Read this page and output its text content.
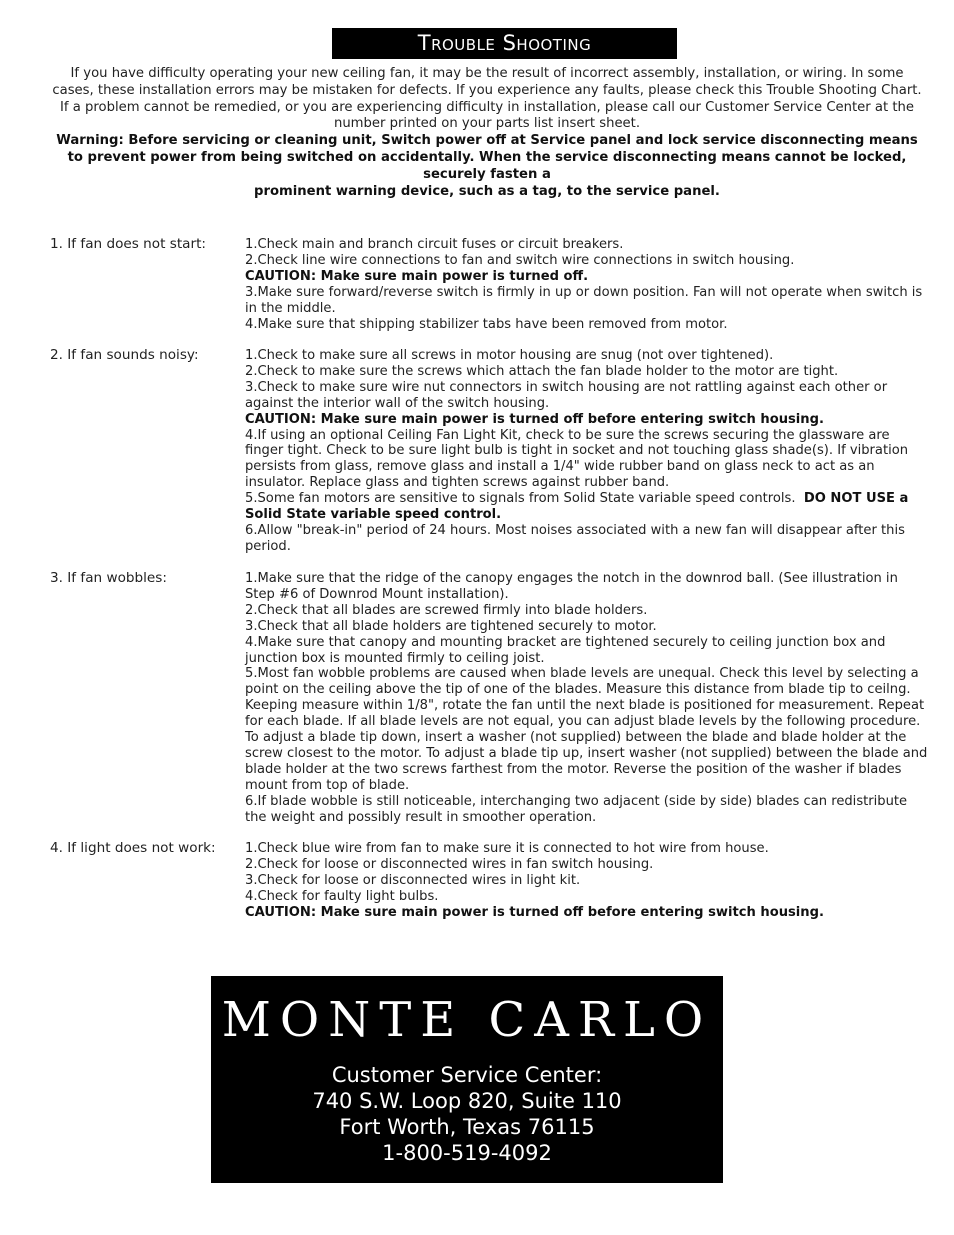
Trouble Shooting
If you have difficulty operating your new ceiling fan, it may be the result of incorrect assembly, installation, or wiring. In some cases, these installation errors may be mistaken for defects. If you experience any faults, please check this Trouble Shooting Chart. If a problem cannot be remedied, or you are experiencing difficulty in installation, please call our Customer Service Center at the
number printed on your parts list insert sheet.
Warning: Before servicing or cleaning unit, Switch power off at Service panel and lock service disconnecting means to prevent power from being switched on accidentally. When the service disconnecting means cannot be locked, securely fasten a
prominent warning device, such as a tag, to the service panel.
1. If fan does not start:	1.Check main and branch circuit fuses or circuit breakers.
2.Check line wire connections to fan and switch wire connections in switch housing.
CAUTION: Make sure main power is turned off.
3.Make sure forward/reverse switch is firmly in up or down position. Fan will not operate when switch is in the middle.
4.Make sure that shipping stabilizer tabs have been removed from motor.
2. If fan sounds noisy:	1.Check to make sure all screws in motor housing are snug (not over tightened).
2.Check to make sure the screws which attach the fan blade holder to the motor are tight.
3.Check to make sure wire nut connectors in switch housing are not rattling against each other or against the interior wall of the switch housing.
CAUTION: Make sure main power is turned off before entering switch housing.
4.If using an optional Ceiling Fan Light Kit, check to be sure the screws securing the glassware are finger tight. Check to be sure light bulb is tight in socket and not touching glass shade(s). If vibration persists from glass, remove glass and install a 1/4" wide rubber band on glass neck to act as an insulator. Replace glass and tighten screws against rubber band.
5.Some fan motors are sensitive to signals from Solid State variable speed controls. DO NOT USE a Solid State variable speed control.
6.Allow "break-in" period of 24 hours. Most noises associated with a new fan will disappear after this period.
3. If fan wobbles:	1.Make sure that the ridge of the canopy engages the notch in the downrod ball. (See illustration in Step #6 of Downrod Mount installation).
2.Check that all blades are screwed firmly into blade holders.
3.Check that all blade holders are tightened securely to motor.
4.Make sure that canopy and mounting bracket are tightened securely to ceiling junction box and junction box is mounted firmly to ceiling joist.
5.Most fan wobble problems are caused when blade levels are unequal. Check this level by selecting a point on the ceiling above the tip of one of the blades. Measure this distance from blade tip to ceilng. Keeping measure within 1/8", rotate the fan until the next blade is positioned for measurement. Repeat for each blade. If all blade levels are not equal, you can adjust blade levels by the following procedure. To adjust a blade tip down, insert a washer (not supplied) between the blade and blade holder at the screw closest to the motor. To adjust a blade tip up, insert washer (not supplied) between the blade and blade holder at the two screws farthest from the motor. Reverse the position of the washer if blades mount from top of blade.
6.If blade wobble is still noticeable, interchanging two adjacent (side by side) blades can redistribute the weight and possibly result in smoother operation.
4. If light does not work:	1.Check blue wire from fan to make sure it is connected to hot wire from house.
2.Check for loose or disconnected wires in fan switch housing.
3.Check for loose or disconnected wires in light kit.
4.Check for faulty light bulbs.
CAUTION: Make sure main power is turned off before entering switch housing.
MONTE CARLO
Customer Service Center:
740 S.W. Loop 820, Suite 110
Fort Worth, Texas 76115
1-800-519-4092
